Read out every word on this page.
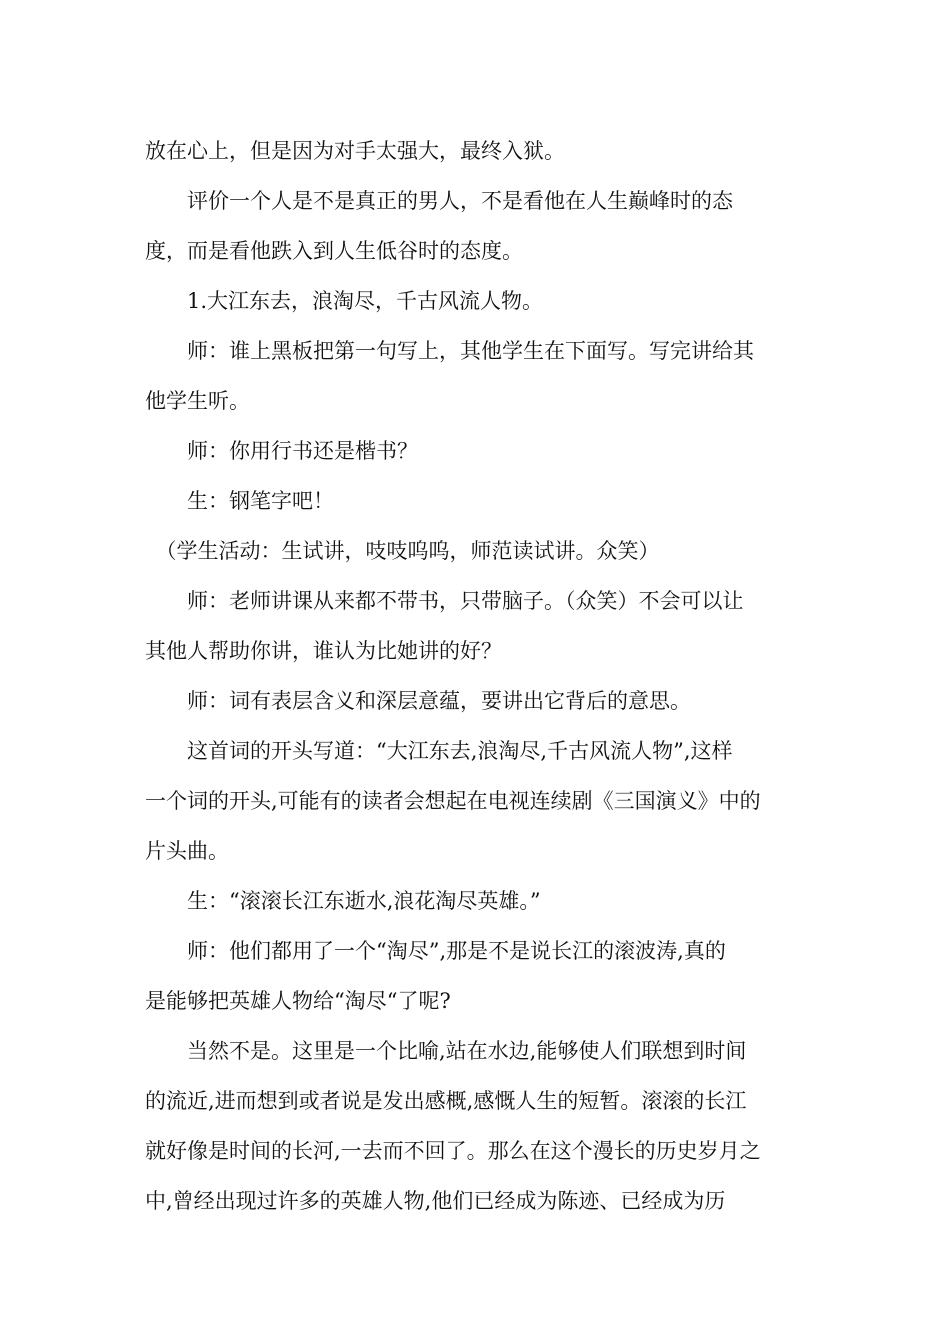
放在心上，但是因为对手太强大，最终入狱。
　　评价一个人是不是真正的男人，不是看他在人生巅峰时的态
度，而是看他跌入到人生低谷时的态度。
　　1.大江东去，浪淘尽，千古风流人物。
　　师：谁上黑板把第一句写上，其他学生在下面写。写完讲给其
他学生听。
　　师：你用行书还是楷书？
　　生：钢笔字吧！
　（学生活动：生试讲，吱吱呜呜，师范读试讲。众笑）
　　师：老师讲课从来都不带书，只带脑子。（众笑）不会可以让
其他人帮助你讲，谁认为比她讲的好？
　　师：词有表层含义和深层意蕴，要讲出它背后的意思。
　　这首词的开头写道：“大江东去,浪淘尽,千古风流人物”,这样
一个词的开头,可能有的读者会想起在电视连续剧《三国演义》中的
片头曲。
　　生：“滚滚长江东逝水,浪花淘尽英雄。”
　　师：他们都用了一个“淘尽”,那是不是说长江的滚波涛,真的
是能够把英雄人物给“淘尽“了呢?
　　当然不是。这里是一个比喻,站在水边,能够使人们联想到时间
的流近,进而想到或者说是发出感概,感慨人生的短暂。滚滚的长江
就好像是时间的长河,一去而不回了。那么在这个漫长的历史岁月之
中,曾经出现过许多的英雄人物,他们已经成为陈迹、已经成为历
